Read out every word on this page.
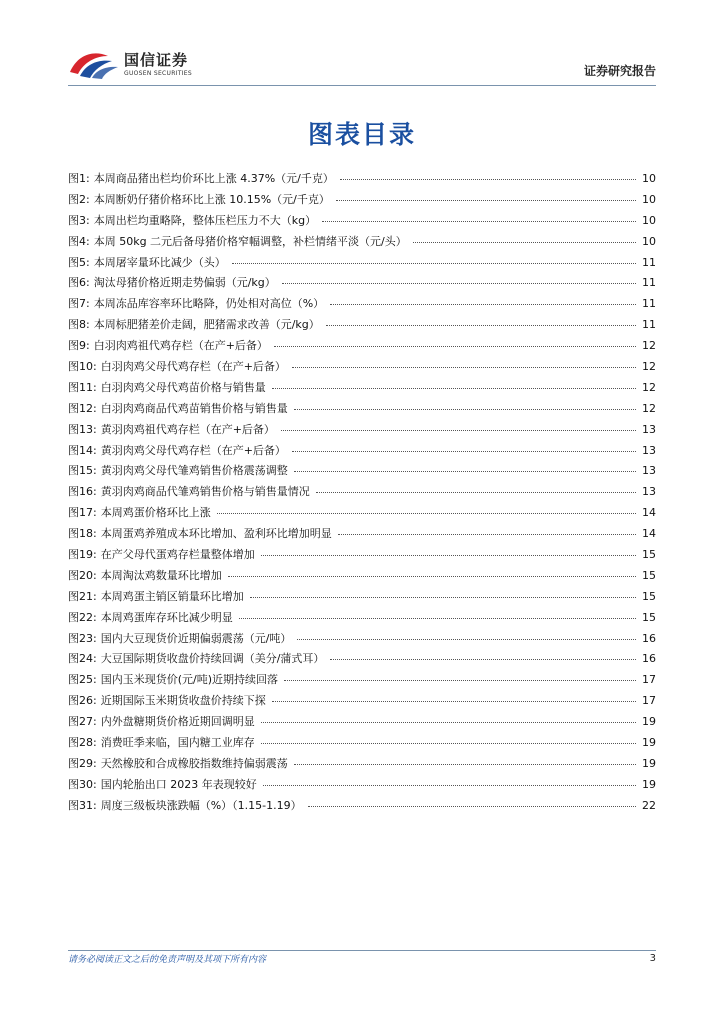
国信证券
GUOSEN SECURITIES	证券研究报告
图表目录
图1: 本周商品猪出栏均价环比上涨 4.37%（元/千克）	10
图2: 本周断奶仔猪价格环比上涨 10.15%（元/千克）	10
图3: 本周出栏均重略降，整体压栏压力不大（kg）	10
图4: 本周 50kg 二元后备母猪价格窄幅调整，补栏情绪平淡（元/头）	10
图5: 本周屠宰量环比减少（头）	11
图6: 淘汰母猪价格近期走势偏弱（元/kg）	11
图7: 本周冻品库容率环比略降，仍处相对高位（%）	11
图8: 本周标肥猪差价走阔，肥猪需求改善（元/kg）	11
图9: 白羽肉鸡祖代鸡存栏（在产+后备）	12
图10: 白羽肉鸡父母代鸡存栏（在产+后备）	12
图11: 白羽肉鸡父母代鸡苗价格与销售量	12
图12: 白羽肉鸡商品代鸡苗销售价格与销售量	12
图13: 黄羽肉鸡祖代鸡存栏（在产+后备）	13
图14: 黄羽肉鸡父母代鸡存栏（在产+后备）	13
图15: 黄羽肉鸡父母代雏鸡销售价格震荡调整	13
图16: 黄羽肉鸡商品代雏鸡销售价格与销售量情况	13
图17: 本周鸡蛋价格环比上涨	14
图18: 本周蛋鸡养殖成本环比增加、盈利环比增加明显	14
图19: 在产父母代蛋鸡存栏量整体增加	15
图20: 本周淘汰鸡数量环比增加	15
图21: 本周鸡蛋主销区销量环比增加	15
图22: 本周鸡蛋库存环比减少明显	15
图23: 国内大豆现货价近期偏弱震荡（元/吨）	16
图24: 大豆国际期货收盘价持续回调（美分/蒲式耳）	16
图25: 国内玉米现货价(元/吨)近期持续回落	17
图26: 近期国际玉米期货收盘价持续下探	17
图27: 内外盘糖期货价格近期回调明显	19
图28: 消费旺季来临，国内糖工业库存	19
图29: 天然橡胶和合成橡胶指数维持偏弱震荡	19
图30: 国内轮胎出口 2023 年表现较好	19
图31: 周度三级板块涨跌幅（%）（1.15-1.19）	22
请务必阅读正文之后的免责声明及其项下所有内容	3
